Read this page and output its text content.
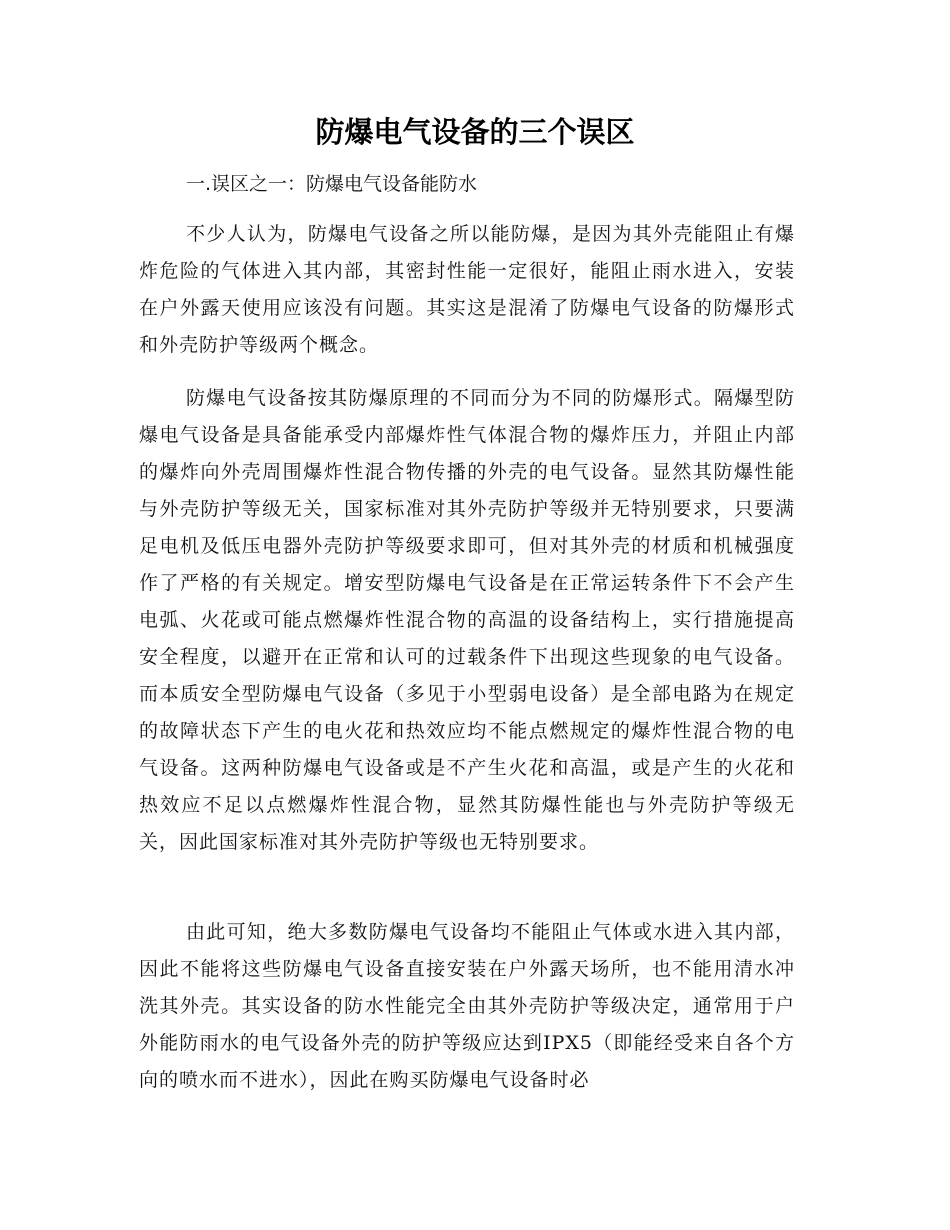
防爆电气设备的三个误区

一.误区之一：防爆电气设备能防水

不少人认为，防爆电气设备之所以能防爆，是因为其外壳能阻止有爆炸危险的气体进入其内部，其密封性能一定很好，能阻止雨水进入，安装在户外露天使用应该没有问题。其实这是混淆了防爆电气设备的防爆形式和外壳防护等级两个概念。

防爆电气设备按其防爆原理的不同而分为不同的防爆形式。隔爆型防爆电气设备是具备能承受内部爆炸性气体混合物的爆炸压力，并阻止内部的爆炸向外壳周围爆炸性混合物传播的外壳的电气设备。显然其防爆性能与外壳防护等级无关，国家标准对其外壳防护等级并无特别要求，只要满足电机及低压电器外壳防护等级要求即可，但对其外壳的材质和机械强度作了严格的有关规定。增安型防爆电气设备是在正常运转条件下不会产生电弧、火花或可能点燃爆炸性混合物的高温的设备结构上，实行措施提高安全程度，以避开在正常和认可的过载条件下出现这些现象的电气设备。而本质安全型防爆电气设备（多见于小型弱电设备）是全部电路为在规定的故障状态下产生的电火花和热效应均不能点燃规定的爆炸性混合物的电气设备。这两种防爆电气设备或是不产生火花和高温，或是产生的火花和热效应不足以点燃爆炸性混合物，显然其防爆性能也与外壳防护等级无关，因此国家标准对其外壳防护等级也无特别要求。

由此可知，绝大多数防爆电气设备均不能阻止气体或水进入其内部，因此不能将这些防爆电气设备直接安装在户外露天场所，也不能用清水冲洗其外壳。其实设备的防水性能完全由其外壳防护等级决定，通常用于户外能防雨水的电气设备外壳的防护等级应达到IPX5（即能经受来自各个方向的喷水而不进水），因此在购买防爆电气设备时必
